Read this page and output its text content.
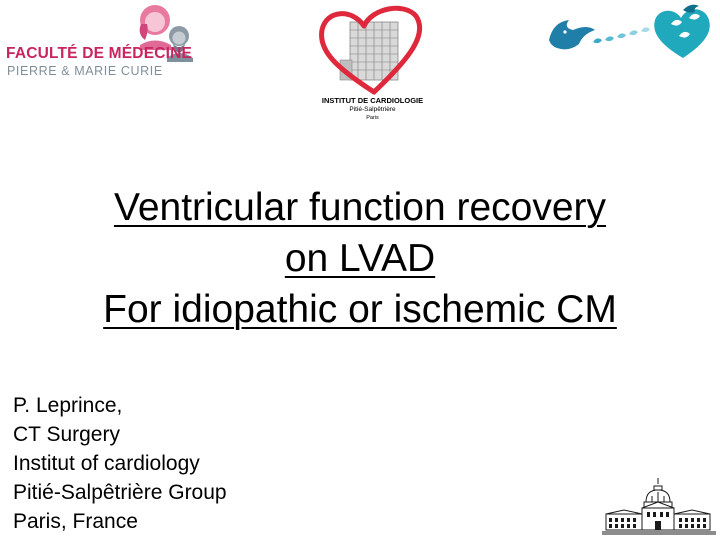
FACULTÉ DE MÉDECINE
PIERRE & MARIE CURIE
INSTITUT DE CARDIOLOGIE
Pitié-Salpêtrière
Paris
Ventricular function recovery
on LVAD
For idiopathic or ischemic CM
P. Leprince,
CT Surgery
Institut of cardiology
Pitié-Salpêtrière Group
Paris, France
